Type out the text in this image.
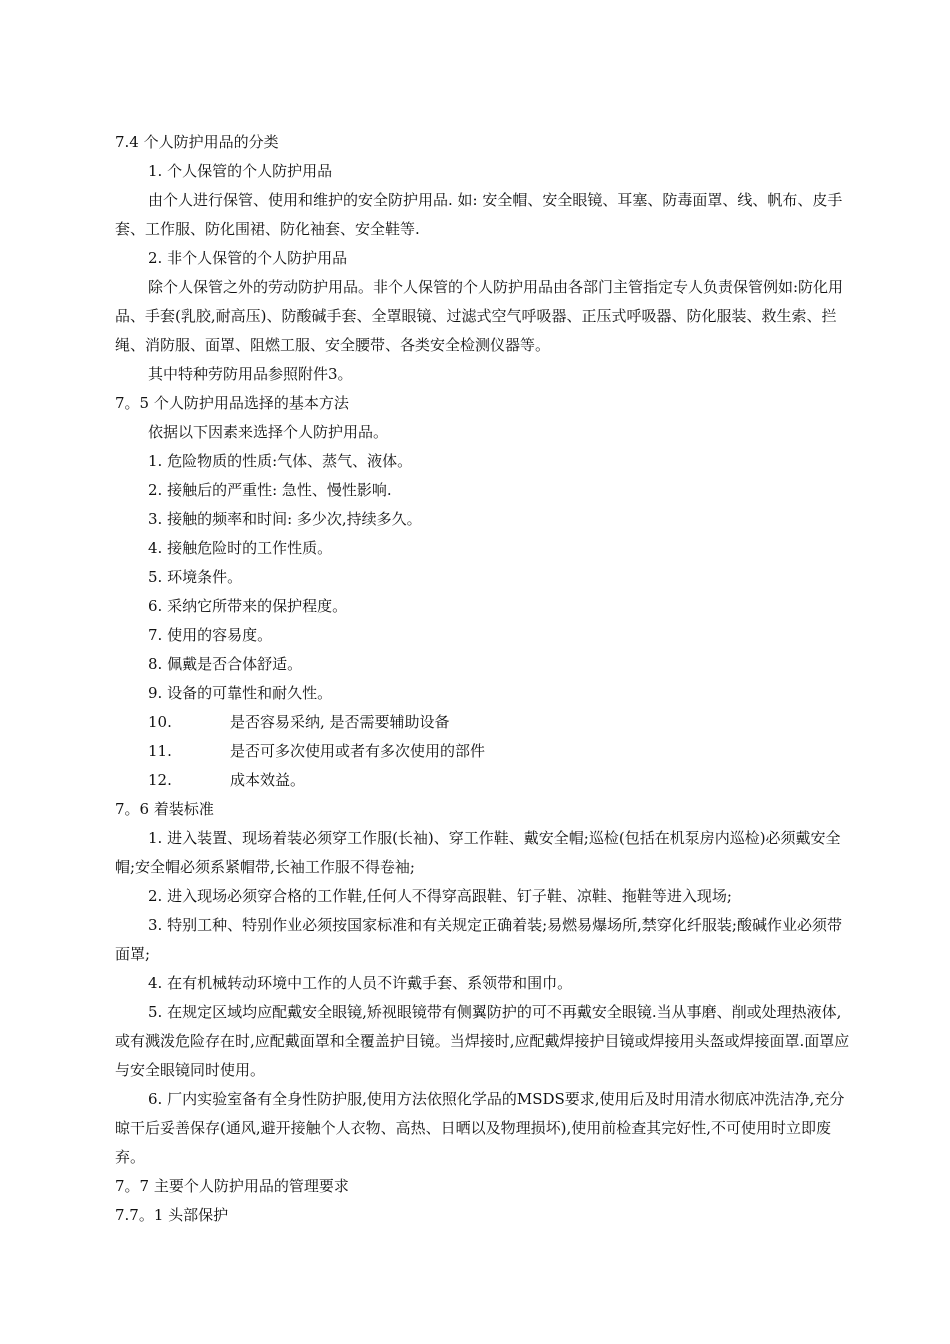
7.4 个人防护用品的分类
1. 个人保管的个人防护用品
由个人进行保管、使用和维护的安全防护用品. 如: 安全帽、安全眼镜、耳塞、防毒面罩、线、帆布、皮手套、工作服、防化围裙、防化袖套、安全鞋等.
2. 非个人保管的个人防护用品
除个人保管之外的劳动防护用品。非个人保管的个人防护用品由各部门主管指定专人负责保管例如:防化用品、手套(乳胶,耐高压)、防酸碱手套、全罩眼镜、过滤式空气呼吸器、正压式呼吸器、防化服装、救生索、拦绳、消防服、面罩、阻燃工服、安全腰带、各类安全检测仪器等。
其中特种劳防用品参照附件3。
7。5 个人防护用品选择的基本方法
依据以下因素来选择个人防护用品。
1. 危险物质的性质:气体、蒸气、液体。
2. 接触后的严重性: 急性、慢性影响.
3. 接触的频率和时间: 多少次,持续多久。
4. 接触危险时的工作性质。
5. 环境条件。
6. 采纳它所带来的保护程度。
7. 使用的容易度。
8. 佩戴是否合体舒适。
9. 设备的可靠性和耐久性。
10.	是否容易采纳, 是否需要辅助设备
11.	是否可多次使用或者有多次使用的部件
12.	成本效益。
7。6 着装标准
1. 进入装置、现场着装必须穿工作服(长袖)、穿工作鞋、戴安全帽;巡检(包括在机泵房内巡检)必须戴安全帽;安全帽必须系紧帽带,长袖工作服不得卷袖;
2. 进入现场必须穿合格的工作鞋,任何人不得穿高跟鞋、钉子鞋、凉鞋、拖鞋等进入现场;
3. 特别工种、特别作业必须按国家标准和有关规定正确着装;易燃易爆场所,禁穿化纤服装;酸碱作业必须带面罩;
4. 在有机械转动环境中工作的人员不许戴手套、系领带和围巾。
5. 在规定区域均应配戴安全眼镜,矫视眼镜带有侧翼防护的可不再戴安全眼镜.当从事磨、削或处理热液体,或有溅泼危险存在时,应配戴面罩和全覆盖护目镜。当焊接时,应配戴焊接护目镜或焊接用头盔或焊接面罩.面罩应与安全眼镜同时使用。
6. 厂内实验室备有全身性防护服,使用方法依照化学品的MSDS要求,使用后及时用清水彻底冲洗洁净,充分晾干后妥善保存(通风,避开接触个人衣物、高热、日晒以及物理损坏),使用前检查其完好性,不可使用时立即废弃。
7。7 主要个人防护用品的管理要求
7.7。1 头部保护
